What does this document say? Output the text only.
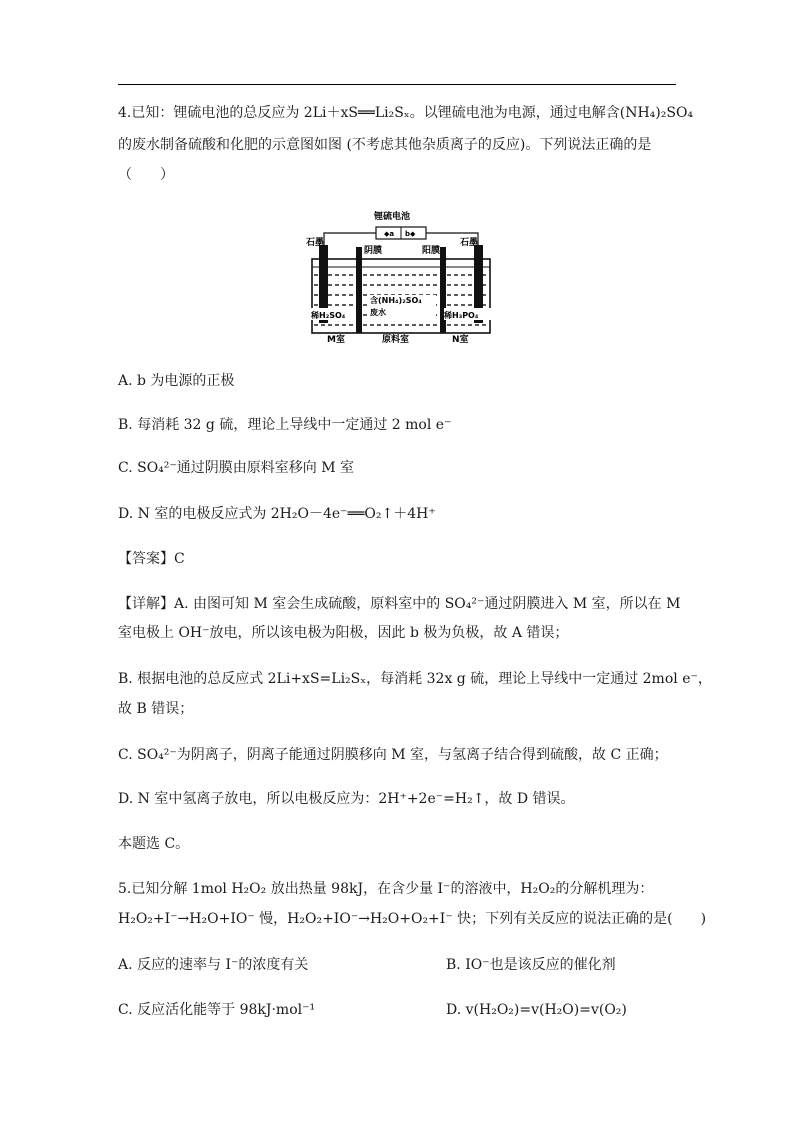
4.已知：锂硫电池的总反应为 2Li＋xS══Li₂Sₓ。以锂硫电池为电源，通过电解含(NH₄)₂SO₄
的废水制备硫酸和化肥的示意图如图 (不考虑其他杂质离子的反应)。下列说法正确的是
（　　）
锂硫电池
◆a b◆
石墨	石墨
阴膜	阳膜
含(NH₄)₂SO₄
废水
稀H₂SO₄	稀H₃PO₄
M室	原料室	N室
A. b 为电源的正极
B. 每消耗 32 g 硫，理论上导线中一定通过 2 mol e⁻
C. SO₄²⁻通过阴膜由原料室移向 M 室
D. N 室的电极反应式为 2H₂O－4e⁻══O₂↑＋4H⁺
【答案】C
【详解】A. 由图可知 M 室会生成硫酸，原料室中的 SO₄²⁻通过阴膜进入 M 室，所以在 M
室电极上 OH⁻放电，所以该电极为阳极，因此 b 极为负极，故 A 错误；
B. 根据电池的总反应式 2Li+xS=Li₂Sₓ，每消耗 32x g 硫，理论上导线中一定通过 2mol e⁻，
故 B 错误；
C. SO₄²⁻为阴离子，阴离子能通过阴膜移向 M 室，与氢离子结合得到硫酸，故 C 正确；
D. N 室中氢离子放电，所以电极反应为：2H⁺+2e⁻=H₂↑，故 D 错误。
本题选 C。
5.已知分解 1mol H₂O₂ 放出热量 98kJ，在含少量 I⁻的溶液中，H₂O₂的分解机理为：
H₂O₂+I⁻→H₂O+IO⁻ 慢，H₂O₂+IO⁻→H₂O+O₂+I⁻ 快；下列有关反应的说法正确的是(　　)
A. 反应的速率与 I⁻的浓度有关	B. IO⁻也是该反应的催化剂
C. 反应活化能等于 98kJ·mol⁻¹	D. v(H₂O₂)=v(H₂O)=v(O₂)
